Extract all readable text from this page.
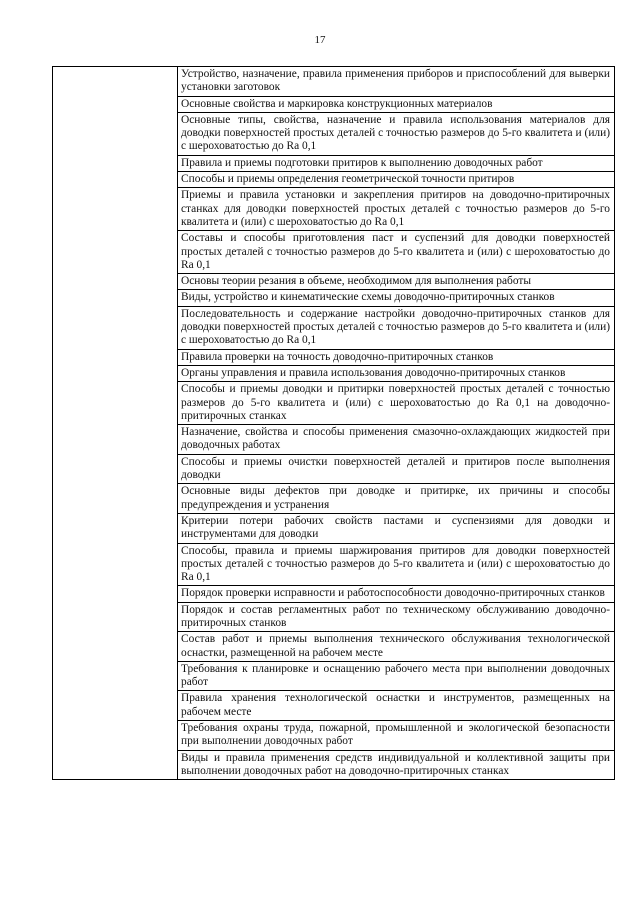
17

Устройство, назначение, правила применения приборов и приспособлений для выверки установки заготовок

Основные свойства и маркировка конструкционных материалов

Основные типы, свойства, назначение и правила использования материалов для доводки поверхностей простых деталей с точностью размеров до 5-го квалитета и (или) с шероховатостью до Ra 0,1

Правила и приемы подготовки притиров к выполнению доводочных работ

Способы и приемы определения геометрической точности притиров

Приемы и правила установки и закрепления притиров на доводочно-притирочных станках для доводки поверхностей простых деталей с точностью размеров до 5-го квалитета и (или) с шероховатостью до Ra 0,1

Составы и способы приготовления паст и суспензий для доводки поверхностей простых деталей с точностью размеров до 5-го квалитета и (или) с шероховатостью до Ra 0,1

Основы теории резания в объеме, необходимом для выполнения работы

Виды, устройство и кинематические схемы доводочно-притирочных станков

Последовательность и содержание настройки доводочно-притирочных станков для доводки поверхностей простых деталей с точностью размеров до 5-го квалитета и (или) с шероховатостью до Ra 0,1

Правила проверки на точность доводочно-притирочных станков

Органы управления и правила использования доводочно-притирочных станков

Способы и приемы доводки и притирки поверхностей простых деталей с точностью размеров до 5-го квалитета и (или) с шероховатостью до Ra 0,1 на доводочно-притирочных станках

Назначение, свойства и способы применения смазочно-охлаждающих жидкостей при доводочных работах

Способы и приемы очистки поверхностей деталей и притиров после выполнения доводки

Основные виды дефектов при доводке и притирке, их причины и способы предупреждения и устранения

Критерии потери рабочих свойств пастами и суспензиями для доводки и инструментами для доводки

Способы, правила и приемы шаржирования притиров для доводки поверхностей простых деталей с точностью размеров до 5-го квалитета и (или) с шероховатостью до Ra 0,1

Порядок проверки исправности и работоспособности доводочно-притирочных станков

Порядок и состав регламентных работ по техническому обслуживанию доводочно-притирочных станков

Состав работ и приемы выполнения технического обслуживания технологической оснастки, размещенной на рабочем месте

Требования к планировке и оснащению рабочего места при выполнении доводочных работ

Правила хранения технологической оснастки и инструментов, размещенных на рабочем месте

Требования охраны труда, пожарной, промышленной и экологической безопасности при выполнении доводочных работ

Виды и правила применения средств индивидуальной и коллективной защиты при выполнении доводочных работ на доводочно-притирочных станках
